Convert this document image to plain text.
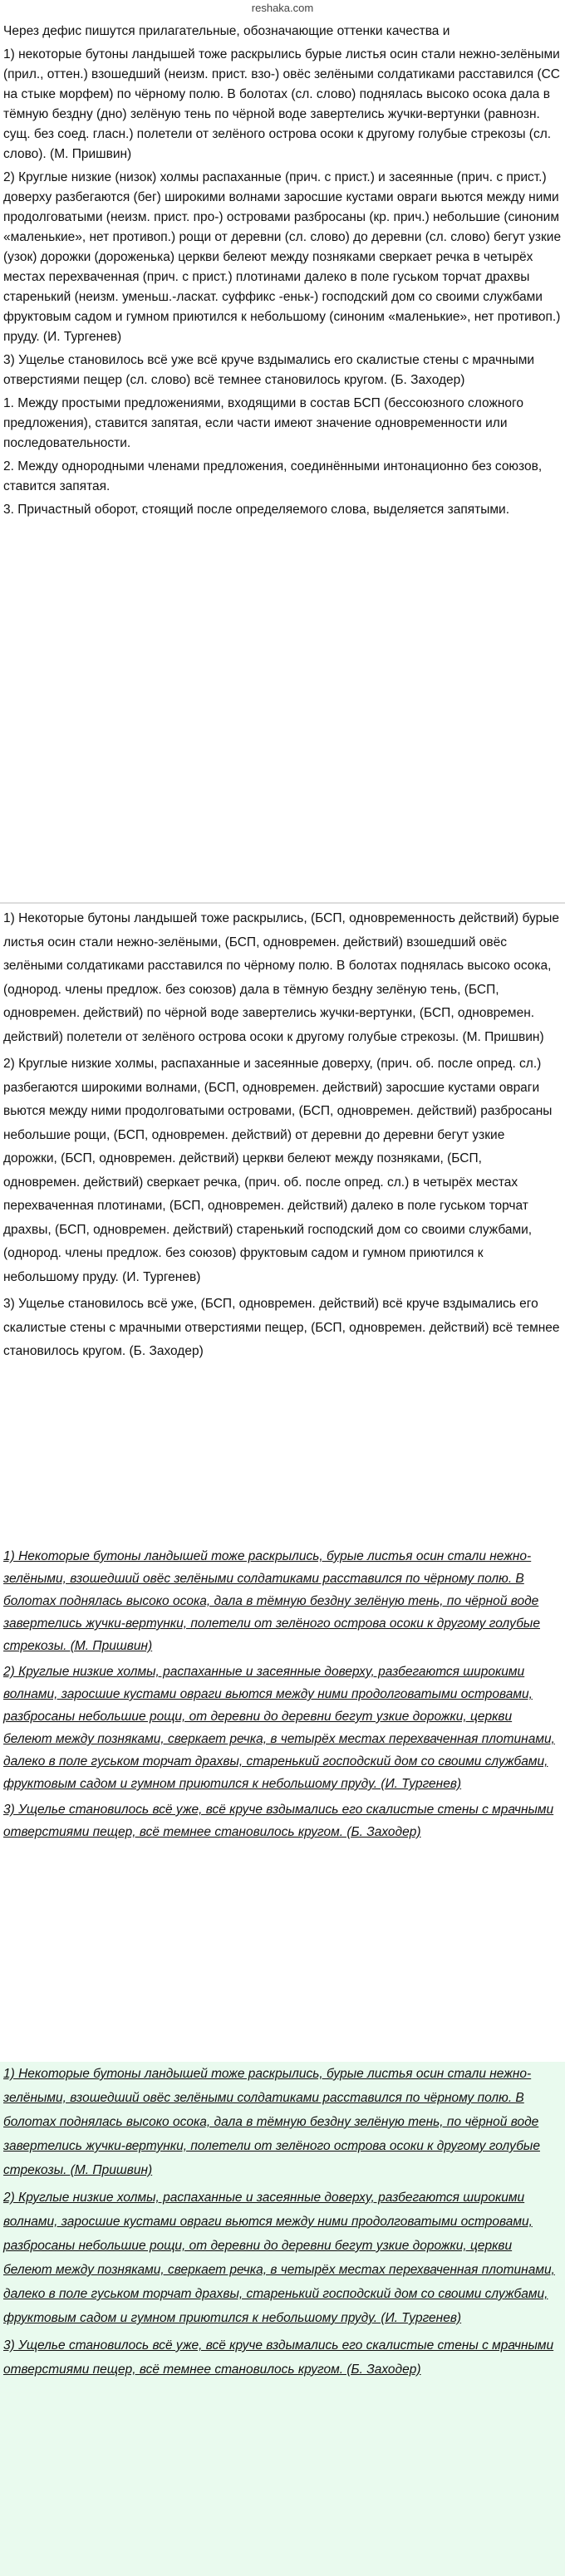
reshaka.com

Через дефис пишутся прилагательные, обозначающие оттенки качества и

1) некоторые бутоны ландышей тоже раскрылись бурые листья осин стали нежно-зелёными (прил., оттен.) взошедший (неизм. прист. взо-) овёс зелёными солдатиками расставился (СС на стыке морфем) по чёрному полю. В болотах (сл. слово) поднялась высоко осока дала в тёмную бездну (дно) зелёную тень по чёрной воде завертелись жучки-вертунки (равнозн. сущ. без соед. гласн.) полетели от зелёного острова осоки к другому голубые стрекозы (сл. слово). (М. Пришвин)

2) Круглые низкие (низок) холмы распаханные (прич. с прист.) и засеянные (прич. с прист.) доверху разбегаются (бег) широкими волнами заросшие кустами овраги вьются между ними продолговатыми (неизм. прист. про-) островами разбросаны (кр. прич.) небольшие (синоним «маленькие», нет противоп.) рощи от деревни (сл. слово) до деревни (сл. слово) бегут узкие (узок) дорожки (дороженька) церкви белеют между позняками сверкает речка в четырёх местах перехваченная (прич. с прист.) плотинами далеко в поле гуськом торчат драхвы старенький (неизм. уменьш.-ласкат. суффикс -еньк-) господский дом со своими службами фруктовым садом и гумном приютился к небольшому (синоним «маленькие», нет противоп.) пруду. (И. Тургенев)

3) Ущелье становилось всё уже всё круче вздымались его скалистые стены с мрачными отверстиями пещер (сл. слово) всё темнее становилось кругом. (Б. Заходер)

1. Между простыми предложениями, входящими в состав БСП (бессоюзного сложного предложения), ставится запятая, если части имеют значение одновременности или последовательности.

2. Между однородными членами предложения, соединёнными интонационно без союзов, ставится запятая.

3. Причастный оборот, стоящий после определяемого слова, выделяется запятыми.

1) Некоторые бутоны ландышей тоже раскрылись, (БСП, одновременность действий) бурые листья осин стали нежно-зелёными, (БСП, одновремен. действий) взошедший овёс зелёными солдатиками расставился по чёрному полю. В болотах поднялась высоко осока, (однород. члены предлож. без союзов) дала в тёмную бездну зелёную тень, (БСП, одновремен. действий) по чёрной воде завертелись жучки-вертунки, (БСП, одновремен. действий) полетели от зелёного острова осоки к другому голубые стрекозы. (М. Пришвин)

2) Круглые низкие холмы, распаханные и засеянные доверху, (прич. об. после опред. сл.) разбегаются широкими волнами, (БСП, одновремен. действий) заросшие кустами овраги вьются между ними продолговатыми островами, (БСП, одновремен. действий) разбросаны небольшие рощи, (БСП, одновремен. действий) от деревни до деревни бегут узкие дорожки, (БСП, одновремен. действий) церкви белеют между позняками, (БСП, одновремен. действий) сверкает речка, (прич. об. после опред. сл.) в четырёх местах перехваченная плотинами, (БСП, одновремен. действий) далеко в поле гуськом торчат драхвы, (БСП, одновремен. действий) старенький господский дом со своими службами, (однород. члены предлож. без союзов) фруктовым садом и гумном приютился к небольшому пруду. (И. Тургенев)

3) Ущелье становилось всё уже, (БСП, одновремен. действий) всё круче вздымались его скалистые стены с мрачными отверстиями пещер, (БСП, одновремен. действий) всё темнее становилось кругом. (Б. Заходер)

1) Некоторые бутоны ландышей тоже раскрылись, бурые листья осин стали нежно-зелёными, взошедший овёс зелёными солдатиками расставился по чёрному полю. В болотах поднялась высоко осока, дала в тёмную бездну зелёную тень, по чёрной воде завертелись жучки-вертунки, полетели от зелёного острова осоки к другому голубые стрекозы. (М. Пришвин)

2) Круглые низкие холмы, распаханные и засеянные доверху, разбегаются широкими волнами, заросшие кустами овраги вьются между ними продолговатыми островами, разбросаны небольшие рощи, от деревни до деревни бегут узкие дорожки, церкви белеют между позняками, сверкает речка, в четырёх местах перехваченная плотинами, далеко в поле гуськом торчат драхвы, старенький господский дом со своими службами, фруктовым садом и гумном приютился к небольшому пруду. (И. Тургенев)

3) Ущелье становилось всё уже, всё круче вздымались его скалистые стены с мрачными отверстиями пещер, всё темнее становилось кругом. (Б. Заходер)

1) Некоторые бутоны ландышей тоже раскрылись, бурые листья осин стали нежно-зелёными, взошедший овёс зелёными солдатиками расставился по чёрному полю. В болотах поднялась высоко осока, дала в тёмную бездну зелёную тень, по чёрной воде завертелись жучки-вертунки, полетели от зелёного острова осоки к другому голубые стрекозы. (М. Пришвин)

2) Круглые низкие холмы, распаханные и засеянные доверху, разбегаются широкими волнами, заросшие кустами овраги вьются между ними продолговатыми островами, разбросаны небольшие рощи, от деревни до деревни бегут узкие дорожки, церкви белеют между позняками, сверкает речка, в четырёх местах перехваченная плотинами, далеко в поле гуськом торчат драхвы, старенький господский дом со своими службами, фруктовым садом и гумном приютился к небольшому пруду. (И. Тургенев)

3) Ущелье становилось всё уже, всё круче вздымались его скалистые стены с мрачными отверстиями пещер, всё темнее становилось кругом. (Б. Заходер)
